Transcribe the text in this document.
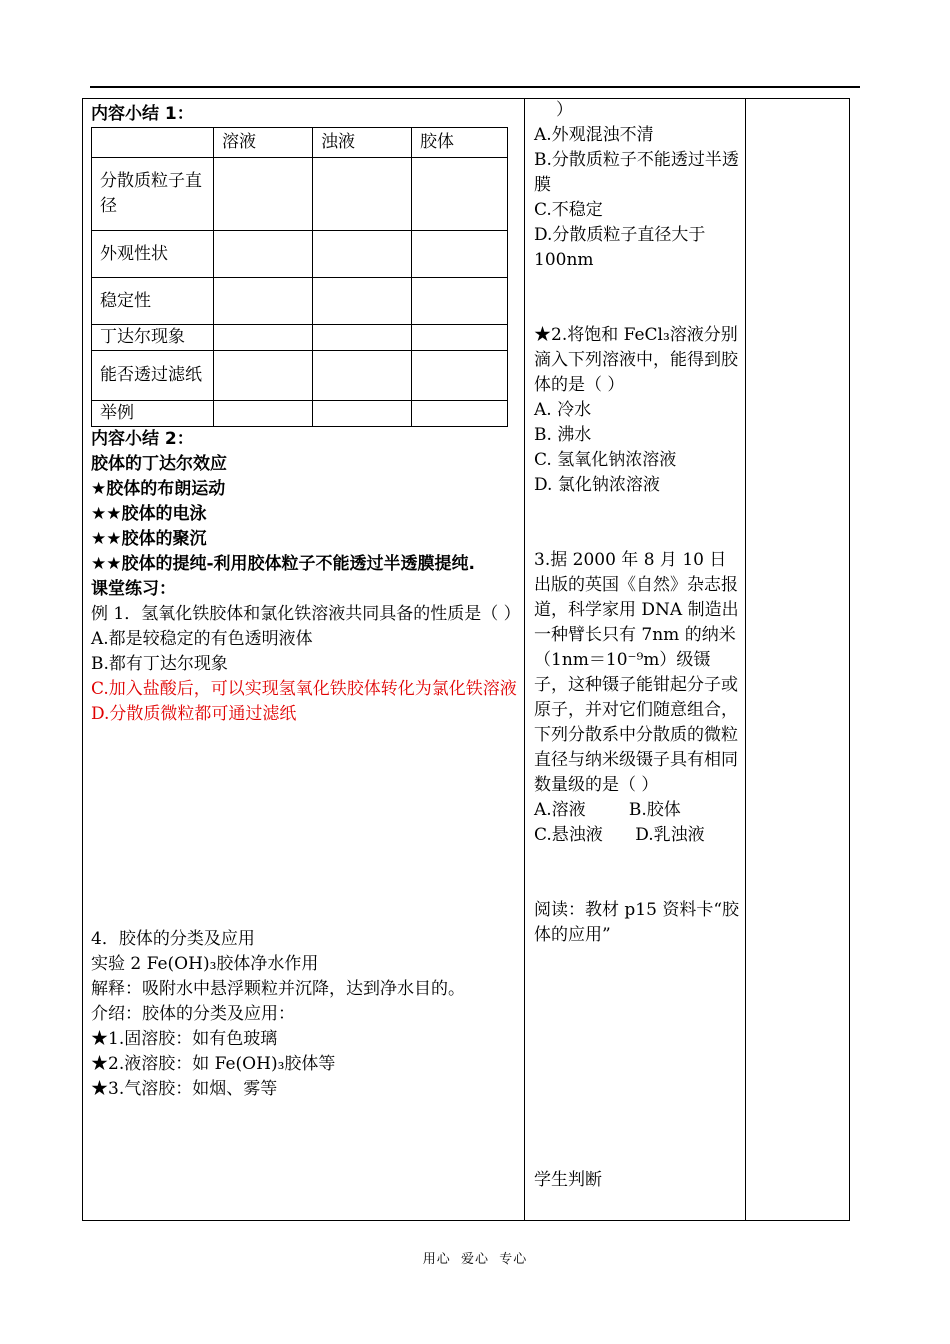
内容小结 1：

	溶液	浊液	胶体
分散质粒子直径			
外观性状			
稳定性			
丁达尔现象			
能否透过滤纸			
举例			

内容小结 2：

胶体的丁达尔效应

★胶体的布朗运动

★★胶体的电泳

★★胶体的聚沉

★★胶体的提纯-利用胶体粒子不能透过半透膜提纯.

课堂练习：

例 1．氢氧化铁胶体和氯化铁溶液共同具备的性质是（ ）

A.都是较稳定的有色透明液体

B.都有丁达尔现象

C.加入盐酸后，可以实现氢氧化铁胶体转化为氯化铁溶液

D.分散质微粒都可通过滤纸

4．胶体的分类及应用

实验 2 Fe(OH)₃胶体净水作用

解释：吸附水中悬浮颗粒并沉降，达到净水目的。

介绍：胶体的分类及应用：

★1.固溶胶：如有色玻璃

★2.液溶胶：如 Fe(OH)₃胶体等

★3.气溶胶：如烟、雾等

）

A.外观混浊不清

B.分散质粒子不能透过半透膜

C.不稳定

D.分散质粒子直径大于 100nm

★2.将饱和 FeCl₃溶液分别滴入下列溶液中，能得到胶体的是（ ）

A. 冷水

B. 沸水

C. 氢氧化钠浓溶液

D. 氯化钠浓溶液

3.据 2000 年 8 月 10 日出版的英国《自然》杂志报道，科学家用 DNA 制造出一种臂长只有 7nm 的纳米（1nm＝10⁻⁹m）级镊子，这种镊子能钳起分子或原子，并对它们随意组合，下列分散系中分散质的微粒直径与纳米级镊子具有相同数量级的是（ ）

A.溶液        B.胶体

C.悬浊液      D.乳浊液

阅读：教材 p15 资料卡“胶体的应用”

学生判断

用心  爱心  专心
